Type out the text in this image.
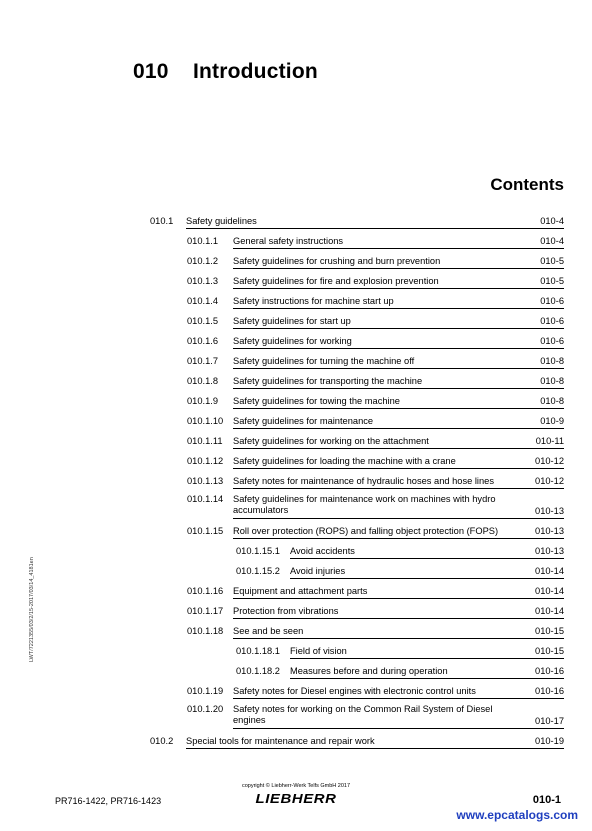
010 Introduction
Contents
010.1 Safety guidelines	010-4
010.1.1 General safety instructions	010-4
010.1.2 Safety guidelines for crushing and burn prevention	010-5
010.1.3 Safety guidelines for fire and explosion prevention	010-5
010.1.4 Safety instructions for machine start up	010-6
010.1.5 Safety guidelines for start up	010-6
010.1.6 Safety guidelines for working	010-6
010.1.7 Safety guidelines for turning the machine off	010-8
010.1.8 Safety guidelines for transporting the machine	010-8
010.1.9 Safety guidelines for towing the machine	010-8
010.1.10 Safety guidelines for maintenance	010-9
010.1.11 Safety guidelines for working on the attachment	010-11
010.1.12 Safety guidelines for loading the machine with a crane	010-12
010.1.13 Safety notes for maintenance of hydraulic hoses and hose lines	010-12
010.1.14 Safety guidelines for maintenance work on machines with hydro accumulators	010-13
010.1.15 Roll over protection (ROPS) and falling object protection (FOPS)	010-13
010.1.15.1 Avoid accidents	010-13
010.1.15.2 Avoid injuries	010-14
010.1.16 Equipment and attachment parts	010-14
010.1.17 Protection from vibrations	010-14
010.1.18 See and be seen	010-15
010.1.18.1 Field of vision	010-15
010.1.18.2 Measures before and during operation	010-16
010.1.19 Safety notes for Diesel engines with electronic control units	010-16
010.1.20 Safety notes for working on the Common Rail System of Diesel engines	010-17
010.2 Special tools for maintenance and repair work	010-19
LWT/7221355/03/2/15-2017/03/14_4181en
PR716-1422, PR716-1423
copyright © Liebherr-Werk Telfs GmbH 2017
LIEBHERR	010-1
www.epcatalogs.com
